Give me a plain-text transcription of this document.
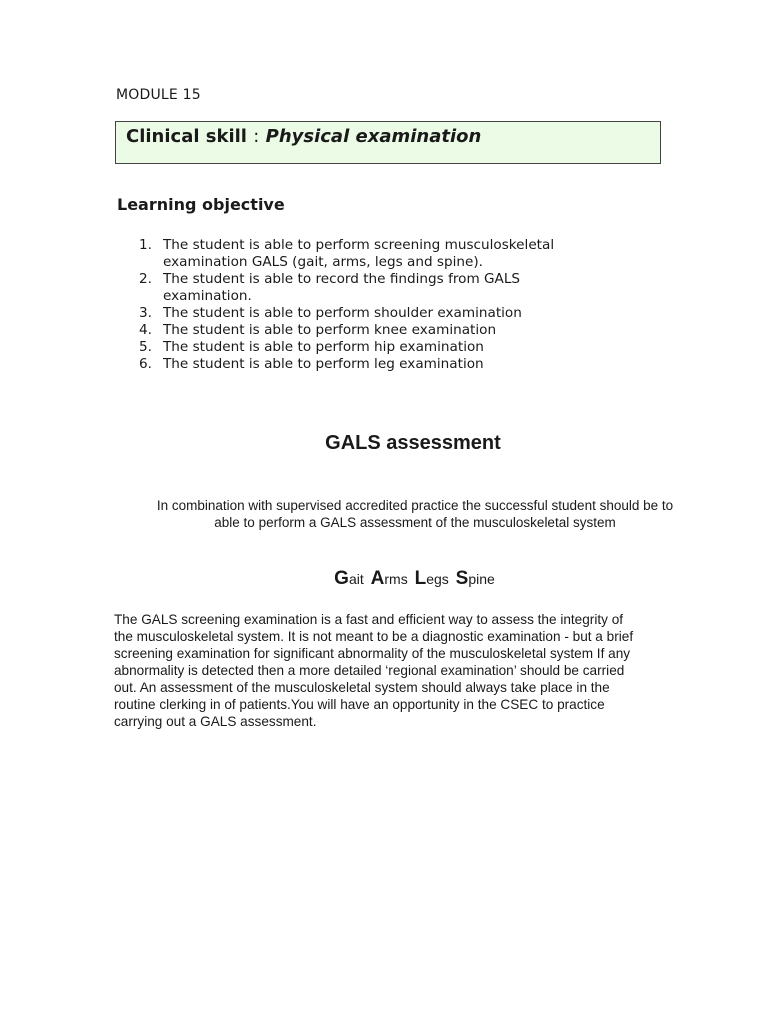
MODULE 15
Clinical skill : Physical examination
Learning objective
1. The student is able to perform screening musculoskeletal
examination GALS (gait, arms, legs and spine).
2. The student is able to record the findings from GALS
examination.
3. The student is able to perform shoulder examination
4. The student is able to perform knee examination
5. The student is able to perform hip examination
6. The student is able to perform leg examination
GALS assessment

In combination with supervised accredited practice the successful student should be to
able to perform a GALS assessment of the musculoskeletal system

Gait Arms Legs Spine

The GALS screening examination is a fast and efficient way to assess the integrity of
the musculoskeletal system. It is not meant to be a diagnostic examination - but a brief
screening examination for significant abnormality of the musculoskeletal system If any
abnormality is detected then a more detailed ‘regional examination’ should be carried
out. An assessment of the musculoskeletal system should always take place in the
routine clerking in of patients.You will have an opportunity in the CSEC to practice
carrying out a GALS assessment.
